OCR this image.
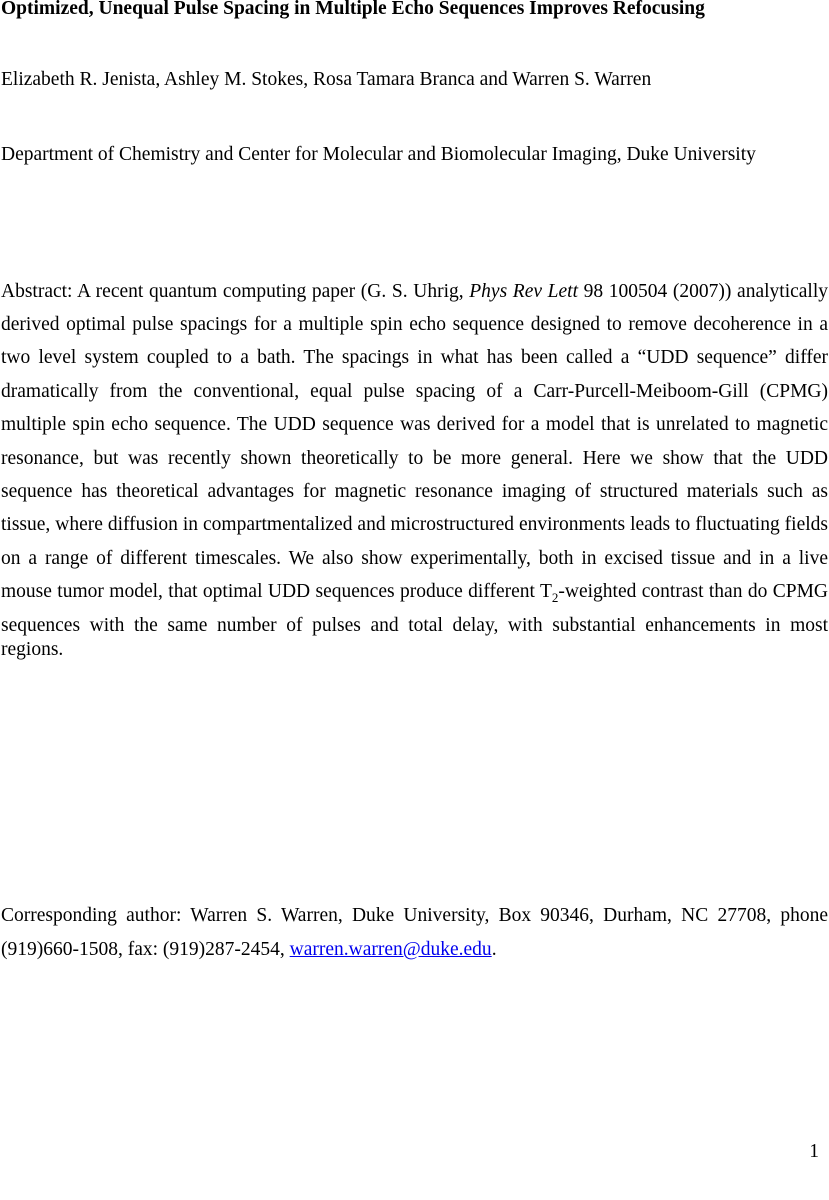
Optimized, Unequal Pulse Spacing in Multiple Echo Sequences Improves Refocusing
Elizabeth R. Jenista, Ashley M. Stokes, Rosa Tamara Branca and Warren S. Warren
Department of Chemistry and Center for Molecular and Biomolecular Imaging, Duke University
Abstract: A recent quantum computing paper (G. S. Uhrig, Phys Rev Lett 98 100504 (2007)) analytically
derived optimal pulse spacings for a multiple spin echo sequence designed to remove decoherence in a
two level system coupled to a bath. The spacings in what has been called a “UDD sequence” differ
dramatically from the conventional, equal pulse spacing of a Carr-Purcell-Meiboom-Gill (CPMG)
multiple spin echo sequence. The UDD sequence was derived for a model that is unrelated to magnetic
resonance, but was recently shown theoretically to be more general. Here we show that the UDD
sequence has theoretical advantages for magnetic resonance imaging of structured materials such as
tissue, where diffusion in compartmentalized and microstructured environments leads to fluctuating fields
on a range of different timescales. We also show experimentally, both in excised tissue and in a live
mouse tumor model, that optimal UDD sequences produce different $T_2$-weighted contrast than do CPMG
sequences with the same number of pulses and total delay, with substantial enhancements in most regions.
Corresponding author: Warren S. Warren, Duke University, Box 90346, Durham, NC 27708, phone
(919)660-1508, fax: (919)287-2454, warren.warren@duke.edu.
1
